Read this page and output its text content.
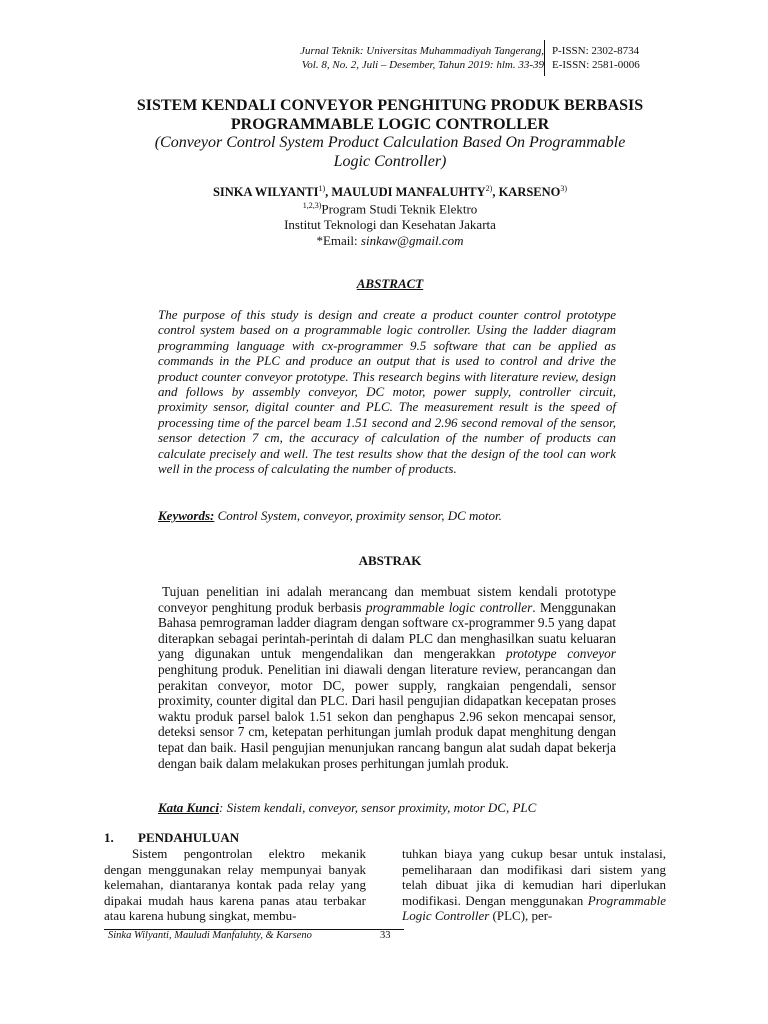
Jurnal Teknik: Universitas Muhammadiyah Tangerang,
Vol. 8, No. 2, Juli – Desember, Tahun 2019: hlm. 33-39
P-ISSN: 2302-8734
E-ISSN: 2581-0006
SISTEM KENDALI CONVEYOR PENGHITUNG PRODUK BERBASIS
PROGRAMMABLE LOGIC CONTROLLER
(Conveyor Control System Product Calculation Based On Programmable
Logic Controller)
SINKA WILYANTI$^{1)}$, MAULUDI MANFALUHTY$^{2)}$, KARSENO$^{3)}$
$^{1,2,3)}$Program Studi Teknik Elektro
Institut Teknologi dan Kesehatan Jakarta
*Email: sinkaw@gmail.com
ABSTRACT
The purpose of this study is design and create a product counter control prototype control system based on a programmable logic controller. Using the ladder diagram programming language with cx-programmer 9.5 software that can be applied as commands in the PLC and produce an output that is used to control and drive the product counter conveyor prototype. This research begins with literature review, design and follows by assembly conveyor, DC motor, power supply, controller circuit, proximity sensor, digital counter and PLC. The measurement result is the speed of processing time of the parcel beam 1.51 second and 2.96 second removal of the sensor, sensor detection 7 cm, the accuracy of calculation of the number of products can calculate precisely and well. The test results show that the design of the tool can work well in the process of calculating the number of products.
Keywords: Control System, conveyor, proximity sensor, DC motor.
ABSTRAK

Tujuan penelitian ini adalah merancang dan membuat sistem kendali prototype conveyor penghitung produk berbasis programmable logic controller. Menggunakan Bahasa pemrograman ladder diagram dengan software cx-programmer 9.5 yang dapat diterapkan sebagai perintah-perintah di dalam PLC dan menghasilkan suatu keluaran yang digunakan untuk mengendalikan dan mengerakkan prototype conveyor penghitung produk. Penelitian ini diawali dengan literature review, perancangan dan perakitan conveyor, motor DC, power supply, rangkaian pengendali, sensor proximity, counter digital dan PLC. Dari hasil pengujian didapatkan kecepatan proses waktu produk parsel balok 1.51 sekon dan penghapus 2.96 sekon mencapai sensor, deteksi sensor 7 cm, ketepatan perhitungan jumlah produk dapat menghitung dengan tepat dan baik. Hasil pengujian menunjukan rancang bangun alat sudah dapat bekerja dengan baik dalam melakukan proses perhitungan jumlah produk.

Kata Kunci: Sistem kendali, conveyor, sensor proximity, motor DC, PLC
1. PENDAHULUAN

Sistem pengontrolan elektro mekanik dengan menggunakan relay mempunyai banyak kelemahan, diantaranya kontak pada relay yang dipakai mudah haus karena panas atau terbakar atau karena hubung singkat, membu-

tuhkan biaya yang cukup besar untuk instalasi, pemeliharaan dan modifikasi dari sistem yang telah dibuat jika di kemudian hari diperlukan modifikasi. Dengan menggunakan Programmable Logic Controller (PLC), per-
Sinka Wilyanti, Mauludi Manfaluhty, & Karseno	33
